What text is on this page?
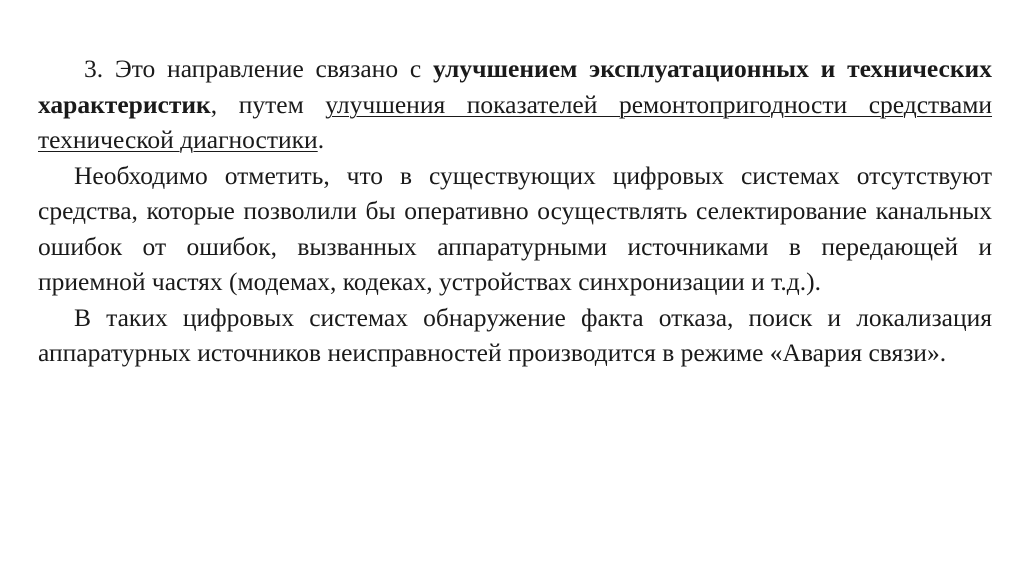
3. Это направление связано с улучшением эксплуатационных и технических характеристик, путем улучшения показателей ремонтопригодности средствами технической диагностики.

Необходимо отметить, что в существующих цифровых системах отсутствуют средства, которые позволили бы оперативно осуществлять селектирование канальных ошибок от ошибок, вызванных аппаратурными источниками в передающей и приемной частях (модемах, кодеках, устройствах синхронизации и т.д.).

В таких цифровых системах обнаружение факта отказа, поиск и локализация аппаратурных источников неисправностей производится в режиме «Авария связи».
